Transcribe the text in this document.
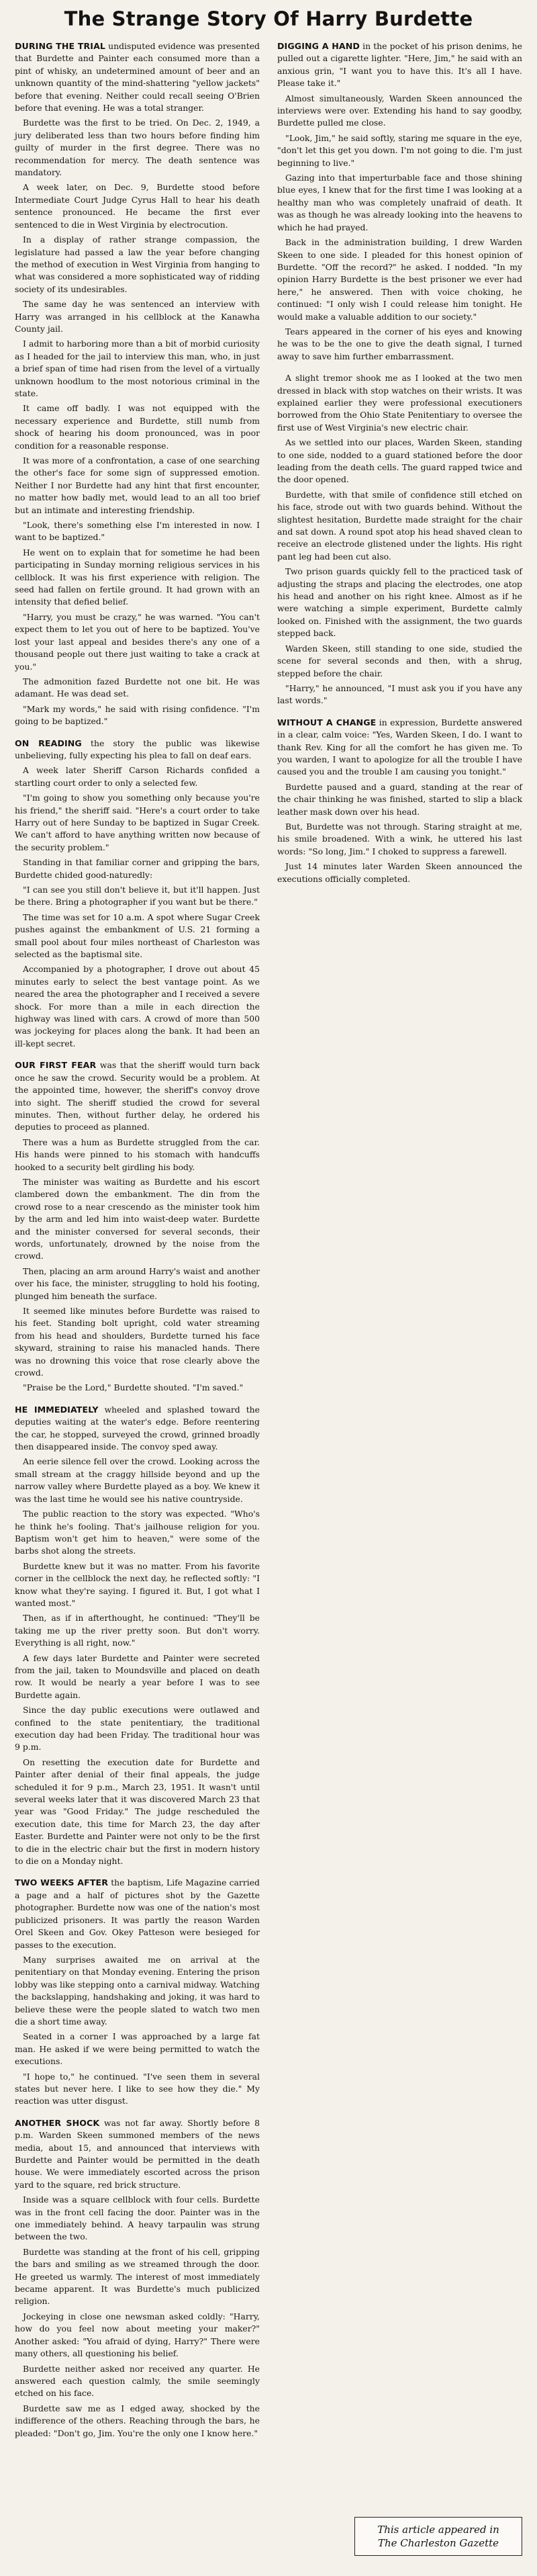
The Strange Story Of Harry Burdette

DURING THE TRIAL undisputed evidence was presented that Burdette and Painter each consumed more than a pint of whisky, an undetermined amount of beer and an unknown quantity of the mind-shattering "yellow jackets" before that evening. Neither could recall seeing O'Brien before that evening. He was a total stranger.

Burdette was the first to be tried. On Dec. 2, 1949, a jury deliberated less than two hours before finding him guilty of murder in the first degree. There was no recommendation for mercy. The death sentence was mandatory.

A week later, on Dec. 9, Burdette stood before Intermediate Court Judge Cyrus Hall to hear his death sentence pronounced. He became the first ever sentenced to die in West Virginia by electrocution.

In a display of rather strange compassion, the legislature had passed a law the year before changing the method of execution in West Virginia from hanging to what was considered a more sophisticated way of ridding society of its undesirables.

The same day he was sentenced an interview with Harry was arranged in his cellblock at the Kanawha County jail.

I admit to harboring more than a bit of morbid curiosity as I headed for the jail to interview this man, who, in just a brief span of time had risen from the level of a virtually unknown hoodlum to the most notorious criminal in the state.

It came off badly. I was not equipped with the necessary experience and Burdette, still numb from shock of hearing his doom pronounced, was in poor condition for a reasonable response.

It was more of a confrontation, a case of one searching the other's face for some sign of suppressed emotion. Neither I nor Burdette had any hint that first encounter, no matter how badly met, would lead to an all too brief but an intimate and interesting friendship.

"Look, there's something else I'm interested in now. I want to be baptized."

He went on to explain that for sometime he had been participating in Sunday morning religious services in his cellblock. It was his first experience with religion. The seed had fallen on fertile ground. It had grown with an intensity that defied belief.

"Harry, you must be crazy," he was warned. "You can't expect them to let you out of here to be baptized. You've lost your last appeal and besides there's any one of a thousand people out there just waiting to take a crack at you."

The admonition fazed Burdette not one bit. He was adamant. He was dead set.

"Mark my words," he said with rising confidence. "I'm going to be baptized."

ON READING the story the public was likewise unbelieving, fully expecting his plea to fall on deaf ears.

A week later Sheriff Carson Richards confided a startling court order to only a selected few.

"I'm going to show you something only because you're his friend," the sheriff said. "Here's a court order to take Harry out of here Sunday to be baptized in Sugar Creek. We can't afford to have anything written now because of the security problem."

Standing in that familiar corner and gripping the bars, Burdette chided good-naturedly:

"I can see you still don't believe it, but it'll happen. Just be there. Bring a photographer if you want but be there."

The time was set for 10 a.m. A spot where Sugar Creek pushes against the embankment of U.S. 21 forming a small pool about four miles northeast of Charleston was selected as the baptismal site.

Accompanied by a photographer, I drove out about 45 minutes early to select the best vantage point. As we neared the area the photographer and I received a severe shock. For more than a mile in each direction the highway was lined with cars. A crowd of more than 500 was jockeying for places along the bank. It had been an ill-kept secret.

OUR FIRST FEAR was that the sheriff would turn back once he saw the crowd. Security would be a problem. At the appointed time, however, the sheriff's convoy drove into sight. The sheriff studied the crowd for several minutes. Then, without further delay, he ordered his deputies to proceed as planned.

There was a hum as Burdette struggled from the car. His hands were pinned to his stomach with handcuffs hooked to a security belt girdling his body.

The minister was waiting as Burdette and his escort clambered down the embankment. The din from the crowd rose to a near crescendo as the minister took him by the arm and led him into waist-deep water. Burdette and the minister conversed for several seconds, their words, unfortunately, drowned by the noise from the crowd.

Then, placing an arm around Harry's waist and another over his face, the minister, struggling to hold his footing, plunged him beneath the surface.

It seemed like minutes before Burdette was raised to his feet. Standing bolt upright, cold water streaming from his head and shoulders, Burdette turned his face skyward, straining to raise his manacled hands. There was no drowning this voice that rose clearly above the crowd.

"Praise be the Lord," Burdette shouted. "I'm saved."

HE IMMEDIATELY wheeled and splashed toward the deputies waiting at the water's edge. Before reentering the car, he stopped, surveyed the crowd, grinned broadly then disappeared inside. The convoy sped away.

An eerie silence fell over the crowd. Looking across the small stream at the craggy hillside beyond and up the narrow valley where Burdette played as a boy. We knew it was the last time he would see his native countryside.

The public reaction to the story was expected. "Who's he think he's fooling. That's jailhouse religion for you. Baptism won't get him to heaven," were some of the barbs shot along the streets.

Burdette knew but it was no matter. From his favorite corner in the cellblock the next day, he reflected softly: "I know what they're saying. I figured it. But, I got what I wanted most."

Then, as if in afterthought, he continued: "They'll be taking me up the river pretty soon. But don't worry. Everything is all right, now."

A few days later Burdette and Painter were secreted from the jail, taken to Moundsville and placed on death row. It would be nearly a year before I was to see Burdette again.

Since the day public executions were outlawed and confined to the state penitentiary, the traditional execution day had been Friday. The traditional hour was 9 p.m.

On resetting the execution date for Burdette and Painter after denial of their final appeals, the judge scheduled it for 9 p.m., March 23, 1951. It wasn't until several weeks later that it was discovered March 23 that year was "Good Friday." The judge rescheduled the execution date, this time for March 23, the day after Easter. Burdette and Painter were not only to be the first to die in the electric chair but the first in modern history to die on a Monday night.

TWO WEEKS AFTER the baptism, Life Magazine carried a page and a half of pictures shot by the Gazette photographer. Burdette now was one of the nation's most publicized prisoners. It was partly the reason Warden Orel Skeen and Gov. Okey Patteson were besieged for passes to the execution.

Many surprises awaited me on arrival at the penitentiary on that Monday evening. Entering the prison lobby was like stepping onto a carnival midway. Watching the backslapping, handshaking and joking, it was hard to believe these were the people slated to watch two men die a short time away.

Seated in a corner I was approached by a large fat man. He asked if we were being permitted to watch the executions.

"I hope to," he continued. "I've seen them in several states but never here. I like to see how they die." My reaction was utter disgust.

ANOTHER SHOCK was not far away. Shortly before 8 p.m. Warden Skeen summoned members of the news media, about 15, and announced that interviews with Burdette and Painter would be permitted in the death house. We were immediately escorted across the prison yard to the square, red brick structure.

Inside was a square cellblock with four cells. Burdette was in the front cell facing the door. Painter was in the one immediately behind. A heavy tarpaulin was strung between the two.

Burdette was standing at the front of his cell, gripping the bars and smiling as we streamed through the door. He greeted us warmly. The interest of most immediately became apparent. It was Burdette's much publicized religion.

Jockeying in close one newsman asked coldly: "Harry, how do you feel now about meeting your maker?" Another asked: "You afraid of dying, Harry?" There were many others, all questioning his belief.

Burdette neither asked nor received any quarter. He answered each question calmly, the smile seemingly etched on his face.

Burdette saw me as I edged away, shocked by the indifference of the others. Reaching through the bars, he pleaded: "Don't go, Jim. You're the only one I know here."

DIGGING A HAND in the pocket of his prison denims, he pulled out a cigarette lighter. "Here, Jim," he said with an anxious grin, "I want you to have this. It's all I have. Please take it."

Almost simultaneously, Warden Skeen announced the interviews were over. Extending his hand to say goodby, Burdette pulled me close.

"Look, Jim," he said softly, staring me square in the eye, "don't let this get you down. I'm not going to die. I'm just beginning to live."

Gazing into that imperturbable face and those shining blue eyes, I knew that for the first time I was looking at a healthy man who was completely unafraid of death. It was as though he was already looking into the heavens to which he had prayed.

Back in the administration building, I drew Warden Skeen to one side. I pleaded for this honest opinion of Burdette. "Off the record?" he asked. I nodded. "In my opinion Harry Burdette is the best prisoner we ever had here," he answered. Then with voice choking, he continued: "I only wish I could release him tonight. He would make a valuable addition to our society."

Tears appeared in the corner of his eyes and knowing he was to be the one to give the death signal, I turned away to save him further embarrassment.

A slight tremor shook me as I looked at the two men dressed in black with stop watches on their wrists. It was explained earlier they were professional executioners borrowed from the Ohio State Penitentiary to oversee the first use of West Virginia's new electric chair.

As we settled into our places, Warden Skeen, standing to one side, nodded to a guard stationed before the door leading from the death cells. The guard rapped twice and the door opened.

Burdette, with that smile of confidence still etched on his face, strode out with two guards behind. Without the slightest hesitation, Burdette made straight for the chair and sat down. A round spot atop his head shaved clean to receive an electrode glistened under the lights. His right pant leg had been cut also.

Two prison guards quickly fell to the practiced task of adjusting the straps and placing the electrodes, one atop his head and another on his right knee. Almost as if he were watching a simple experiment, Burdette calmly looked on. Finished with the assignment, the two guards stepped back.

Warden Skeen, still standing to one side, studied the scene for several seconds and then, with a shrug, stepped before the chair.

"Harry," he announced, "I must ask you if you have any last words."

WITHOUT A CHANGE in expression, Burdette answered in a clear, calm voice: "Yes, Warden Skeen, I do. I want to thank Rev. King for all the comfort he has given me. To you warden, I want to apologize for all the trouble I have caused you and the trouble I am causing you tonight."

Burdette paused and a guard, standing at the rear of the chair thinking he was finished, started to slip a black leather mask down over his head.

But, Burdette was not through. Staring straight at me, his smile broadened. With a wink, he uttered his last words: "So long, Jim." I choked to suppress a farewell.

Just 14 minutes later Warden Skeen announced the executions officially completed.

This article appeared in
The Charleston Gazette
